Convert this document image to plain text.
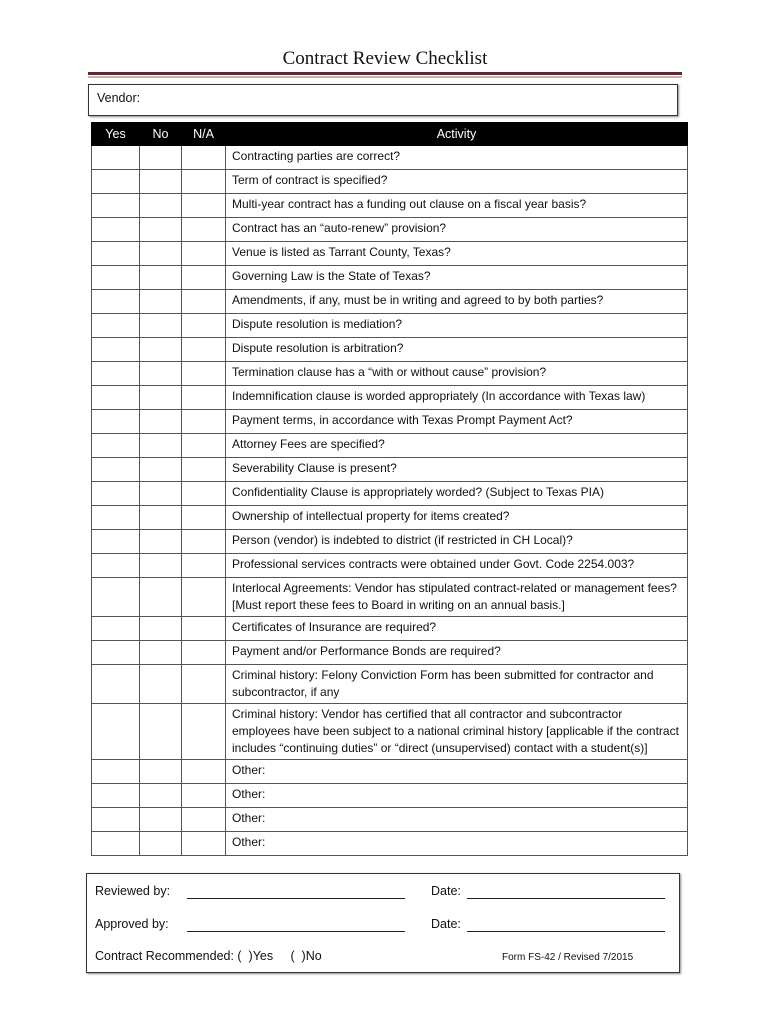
Contract Review Checklist
Vendor:
Yes	No	N/A	Activity
			Contracting parties are correct?
			Term of contract is specified?
			Multi-year contract has a funding out clause on a fiscal year basis?
			Contract has an “auto-renew” provision?
			Venue is listed as Tarrant County, Texas?
			Governing Law is the State of Texas?
			Amendments, if any, must be in writing and agreed to by both parties?
			Dispute resolution is mediation?
			Dispute resolution is arbitration?
			Termination clause has a “with or without cause” provision?
			Indemnification clause is worded appropriately (In accordance with Texas law)
			Payment terms, in accordance with Texas Prompt Payment Act?
			Attorney Fees are specified?
			Severability Clause is present?
			Confidentiality Clause is appropriately worded? (Subject to Texas PIA)
			Ownership of intellectual property for items created?
			Person (vendor) is indebted to district (if restricted in CH Local)?
			Professional services contracts were obtained under Govt. Code 2254.003?
			Interlocal Agreements: Vendor has stipulated contract-related or management fees? [Must report these fees to Board in writing on an annual basis.]
			Certificates of Insurance are required?
			Payment and/or Performance Bonds are required?
			Criminal history: Felony Conviction Form has been submitted for contractor and subcontractor, if any
			Criminal history: Vendor has certified that all contractor and subcontractor employees have been subject to a national criminal history [applicable if the contract includes “continuing duties” or “direct (unsupervised) contact with a student(s)]
			Other:
			Other:
			Other:
			Other:
Reviewed by:	Date:
Approved by:	Date:
Contract Recommended: (  )Yes     (  )No	Form FS-42 / Revised 7/2015
